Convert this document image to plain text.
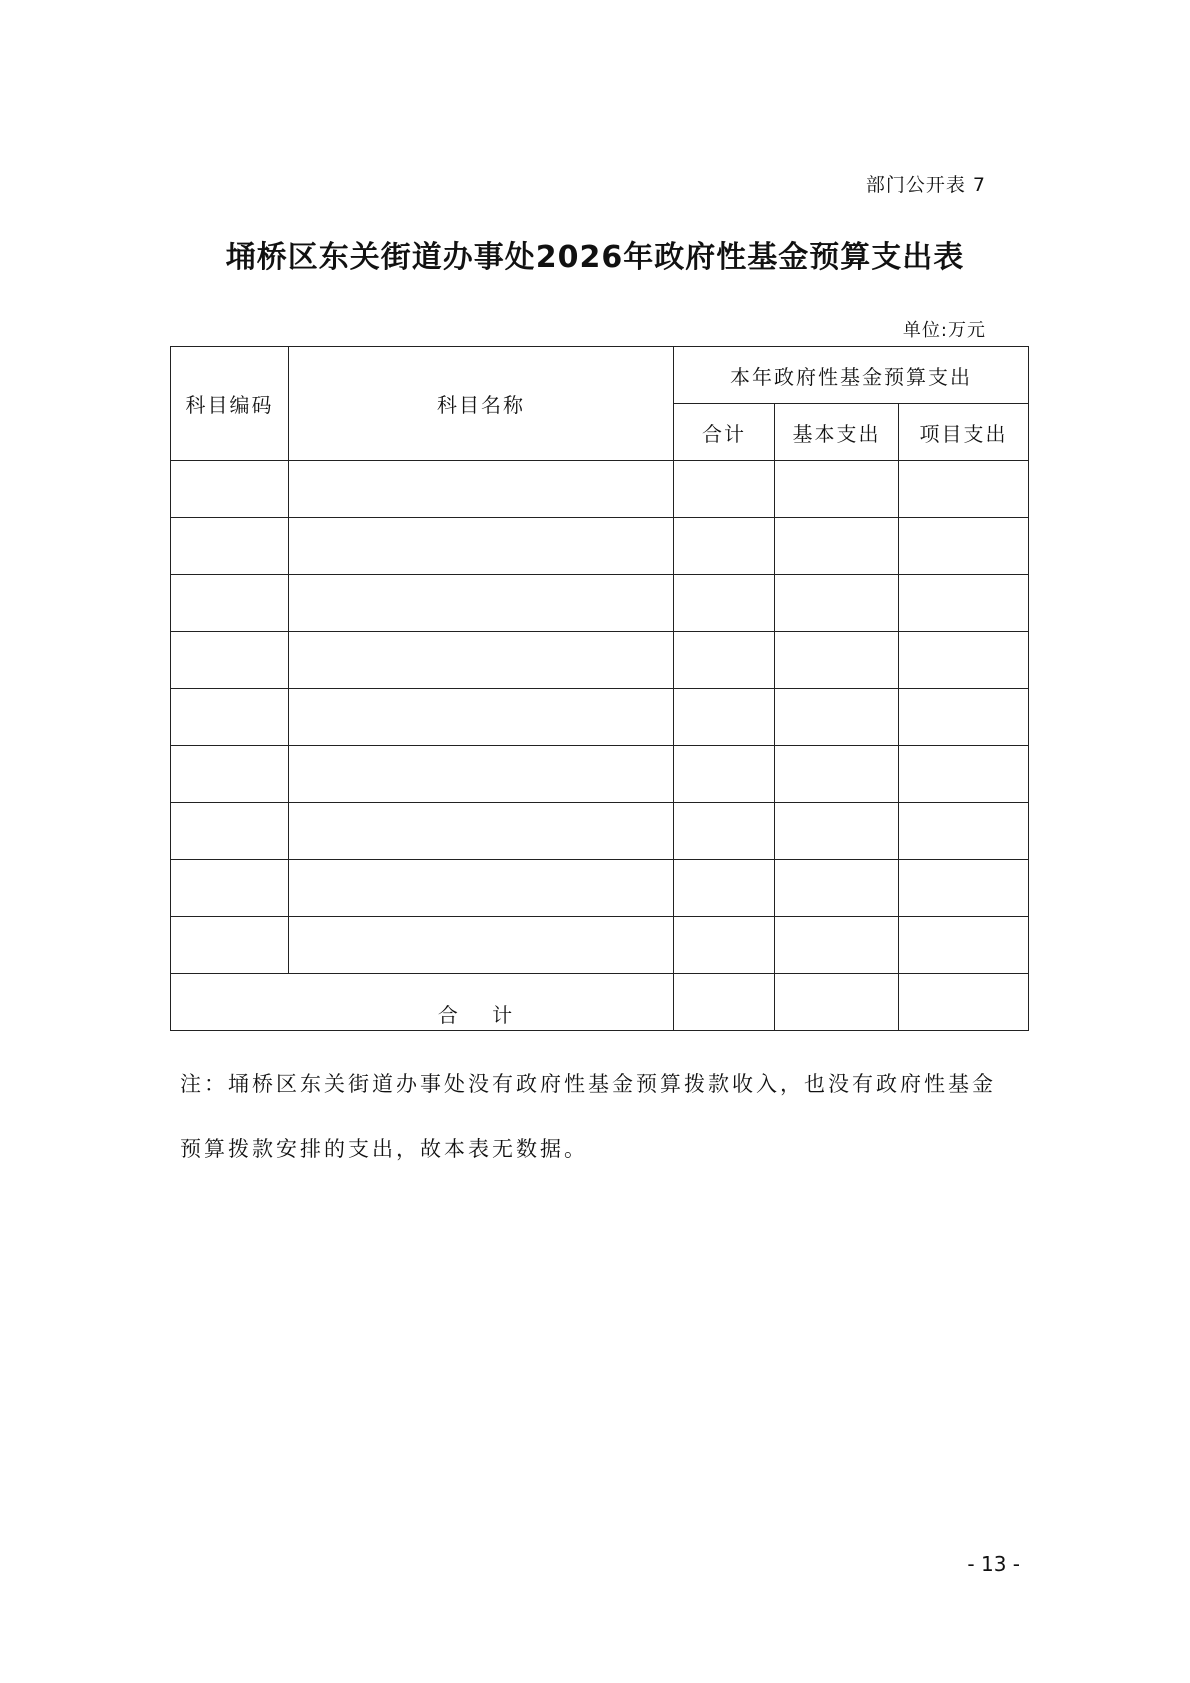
部门公开表 7
埇桥区东关街道办事处2026年政府性基金预算支出表
单位:万元
科目编码	科目名称	本年政府性基金预算支出		
		合计	基本支出	项目支出

合 计				

注：埇桥区东关街道办事处没有政府性基金预算拨款收入，也没有政府性基金预算拨款安排的支出，故本表无数据。

- 13 -
